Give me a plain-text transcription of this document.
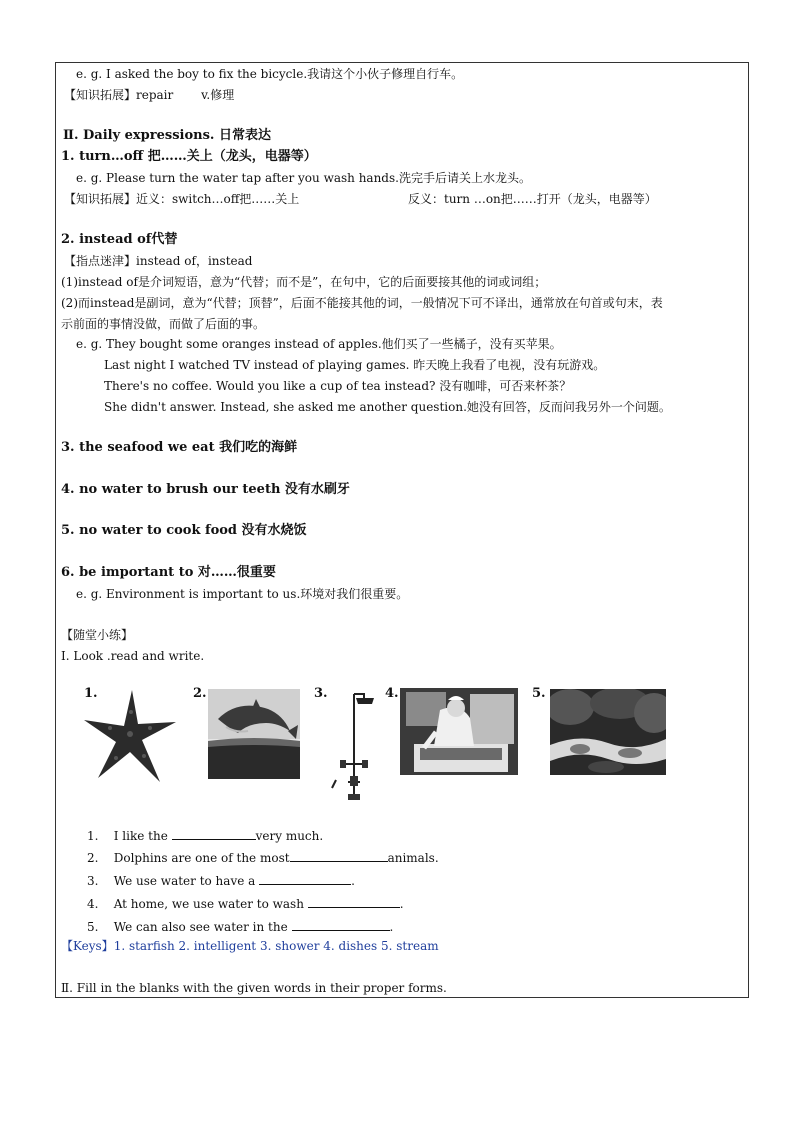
e. g. I asked the boy to fix the bicycle.我请这个小伙子修理自行车。
【知识拓展】repair　　 v.修理
Ⅱ. Daily expressions. 日常表达
1. turn…off 把……关上（龙头，电器等）
e. g. Please turn the water tap after you wash hands.洗完手后请关上水龙头。
【知识拓展】近义：switch…off把……关上	反义：turn …on把……打开（龙头，电器等）
2. instead of代替
【指点迷津】instead of，instead
(1)instead of是介词短语，意为“代替；而不是”，在句中，它的后面要接其他的词或词组；
(2)而instead是副词，意为“代替；顶替”，后面不能接其他的词，一般情况下可不译出，通常放在句首或句末，表
示前面的事情没做，而做了后面的事。
e. g. They bought some oranges instead of apples.他们买了一些橘子，没有买苹果。
Last night I watched TV instead of playing games. 昨天晚上我看了电视，没有玩游戏。
There's no coffee. Would you like a cup of tea instead? 没有咖啡，可否来杯茶？
She didn't answer. Instead, she asked me another question.她没有回答，反而问我另外一个问题。
3. the seafood we eat 我们吃的海鲜
4. no water to brush our teeth 没有水刷牙
5. no water to cook food 没有水烧饭
6. be important to 对……很重要
e. g. Environment is important to us.环境对我们很重要。
【随堂小练】
Ⅰ. Look .read and write.
1.	2.	3.	4.	5.
1. I like the	very much.
2. Dolphins are one of the most	animals.
3. We use water to have a	.
4. At home, we use water to wash	.
5. We can also see water in the	.
【Keys】1. starfish 2. intelligent 3. shower 4. dishes 5. stream
Ⅱ. Fill in the blanks with the given words in their proper forms.
